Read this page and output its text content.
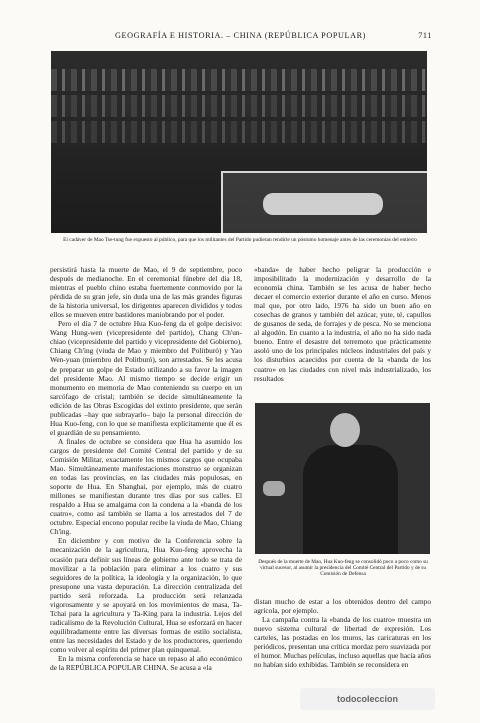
GEOGRAFÍA E HISTORIA. – CHINA (REPÚBLICA POPULAR)	711
El cadáver de Mao Tse-tung fue expuesto al público, para que los militantes del Partido pudieran rendirle un póstumo homenaje antes de las ceremonias del entierro

persistirá hasta la muerte de Mao, el 9 de septiembre, poco después de medianoche. En el ceremonial fúnebre del día 18, mientras el pueblo chino estaba fuertemente conmovido por la pérdida de su gran jefe, sin duda una de las más grandes figuras de la historia universal, los dirigentes aparecen divididos y todos ellos se mueven entre bastidores maniobrando por el poder.

Pero el día 7 de octubre Hua Kuo-feng da el golpe decisivo: Wang Hung-wen (vicepresidente del partido), Chang Ch'un-chiao (vicepresidente del partido y vicepresidente del Gobierno), Chiang Ch'ing (viuda de Mao y miembro del Politburó) y Yao Wen-yuan (miembro del Politburó), son arrestados. Se les acusa de preparar un golpe de Estado utilizando a su favor la imagen del presidente Mao. Al mismo tiempo se decide erigir un monumento en memoria de Mao conteniendo su cuerpo en un sarcófago de cristal; también se decide simultáneamente la edición de las Obras Escogidas del extinto presidente, que serán publicadas –hay que subrayarlo– bajo la personal dirección de Hua Kuo-feng, con lo que se manifiesta explícitamente que él es el guardián de su pensamiento.

A finales de octubre se considera que Hua ha asumido los cargos de presidente del Comité Central del partido y de su Comisión Militar, exactamente los mismos cargos que ocupaba Mao. Simultáneamente manifestaciones monstruo se organizan en todas las provincias, en las ciudades más populosas, en soporte de Hua. En Shanghai, por ejemplo, más de cuatro millones se manifiestan durante tres días por sus calles. El respaldo a Hua se amalgama con la condena a la «banda de los cuatro», como así también se llama a los arrestados del 7 de octubre. Especial encono popular recibe la viuda de Mao, Chiang Ch'ing.

En diciembre y con motivo de la Conferencia sobre la mecanización de la agricultura, Hua Kuo-feng aprovecha la ocasión para definir sus líneas de gobierno ante todo se trata de movilizar a la población para eliminar a los cuatro y sus seguidores de la política, la ideología y la organización, lo que presupone una vasta depuración. La dirección centralizada del partido será reforzada. La producción será relanzada vigorosamente y se apoyará en los movimientos de masa, Ta-Tchai para la agricultura y Ta-King para la industria. Lejos del radicalismo de la Revolución Cultural, Hua se esforzará en hacer equilibradamente entre las diversas formas de estilo socialista, entre las necesidades del Estado y de los productores, queriendo como volver al espíritu del primer plan quinquenal.

En la misma conferencia se hace un repaso al año económico de la REPÚBLICA POPULAR CHINA. Se acusa a «la

«banda» de haber hecho peligrar la producción e imposibilitado la modernización y desarrollo de la economía china. También se les acusa de haber hecho decaer el comercio exterior durante el año en curso. Menos mal que, por otro lado, 1976 ha sido un buen año en cosechas de granos y también del azúcar, yute, té, capullos de gusanos de seda, de forrajes y de pesca. No se menciona al algodón. En cuanto a la industria, el año no ha sido nada bueno. Entre el desastre del terremoto que prácticamente asoló uno de los principales núcleos industriales del país y los disturbios acaecidos por cuenta de la «banda de los cuatro» en las ciudades con nivel más industrializado, los resultados

Después de la muerte de Mao, Hua Kuo-feng se consolidó poco a poco como su virtual sucesor, al asumir la presidencia del Comité Central del Partido y de su Comisión de Defensa

distan mucho de estar a los obtenidos dentro del campo agrícola, por ejemplo.

La campaña contra la «banda de los cuatro» muestra un nuevo sistema cultural de libertad de expresión. Los carteles, las postadas en los muros, las caricaturas en los periódicos, presentan una crítica mordaz pero suavizada por el humor. Muchas películas, incluso aquellas que hacía años no habían sido exhibidas. También se reconsidera en

todocoleccion
